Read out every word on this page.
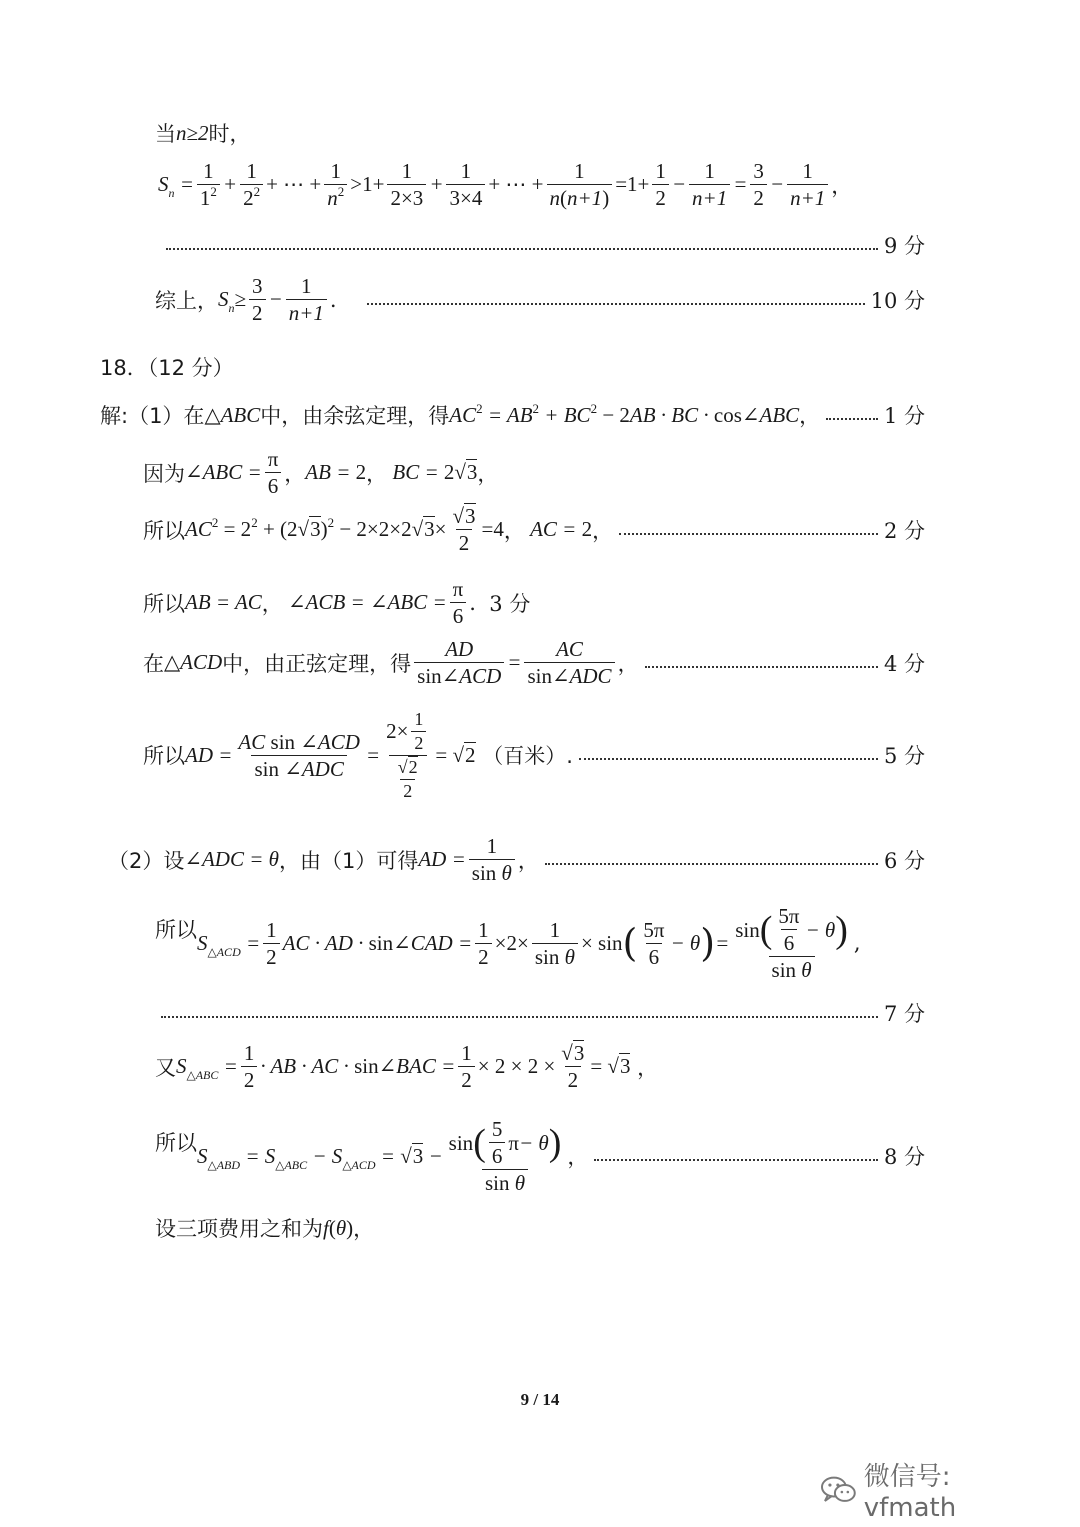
当 n≥2 时，
$S_n$ =
1
$1^2$ +
1
$2^2$ + ⋯ + $\frac{1}{n^2} >1+ \frac{1}{2\times 3}$ +
1
3×4
+ ⋯ + $\frac{1}{n(n+1)} =1+ \frac{1}{2}$ −
1
n+1
=
3
2
−
1
n+1
，
9 分
综上， $S_n\ge \frac{3}{2} - \frac{1}{n+1}$ .	10 分
18．（12 分）
解:（1）在 △ABC 中，由余弦定理，得 $AC^2 = AB^2 + BC^2 - 2AB$ · BC · cos∠ABC ，	1 分
因为 ∠ABC = $\frac{\pi}{6}$ ， AB = 2 ， BC = 2√3 ，
所以 $AC^2 = 2^2 + (2√3)^2 - 2\times 2\times 2√3\times \frac{√3}{2} =4$ ， AC = 2 ，	2 分
所以 AB = AC ， ∠ACB = ∠ABC = $\frac{\pi}{6}$ . 3 分
在 △ACD 中，由正弦定理，得
AD
sin∠ACD
=
AC
sin∠ADC
，	4 分
所以 AD =
AC sin ∠ACD
sin ∠ADC
= 2×
1
2
$\frac{√2}{2} = √2$
（百米）.	5 分
（2）设 ∠ADC = θ ，由（1）可得 AD = $\frac{1}{\text{sin θ}}$ ，	6 分
所以
$S_{\triangle ACD} = \frac{1}{2}$ AC · AD · sin∠CAD = $\frac{1}{2} \times 2\times \frac{1}{\text{sin θ}} \times \sin$ ( 5π
6
− θ ) = sin ( 5π
6
− θ )
sin θ ,
7 分
又 $S_{\triangle ABC} = \frac{1}{2}$ · AB · AC · sin∠BAC = $\frac{1}{2} \times 2 \times 2 \times \frac{√3}{2} = √3$
，
所以
$S_{\triangle ABD} = S_{\triangle ABC} - S_{\triangle ACD} = √3 - \sin$ ( 5
6
π − θ )
sin θ ，	8 分
设三项费用之和为 f(θ) ，
9 / 14
微信号: vfmath
